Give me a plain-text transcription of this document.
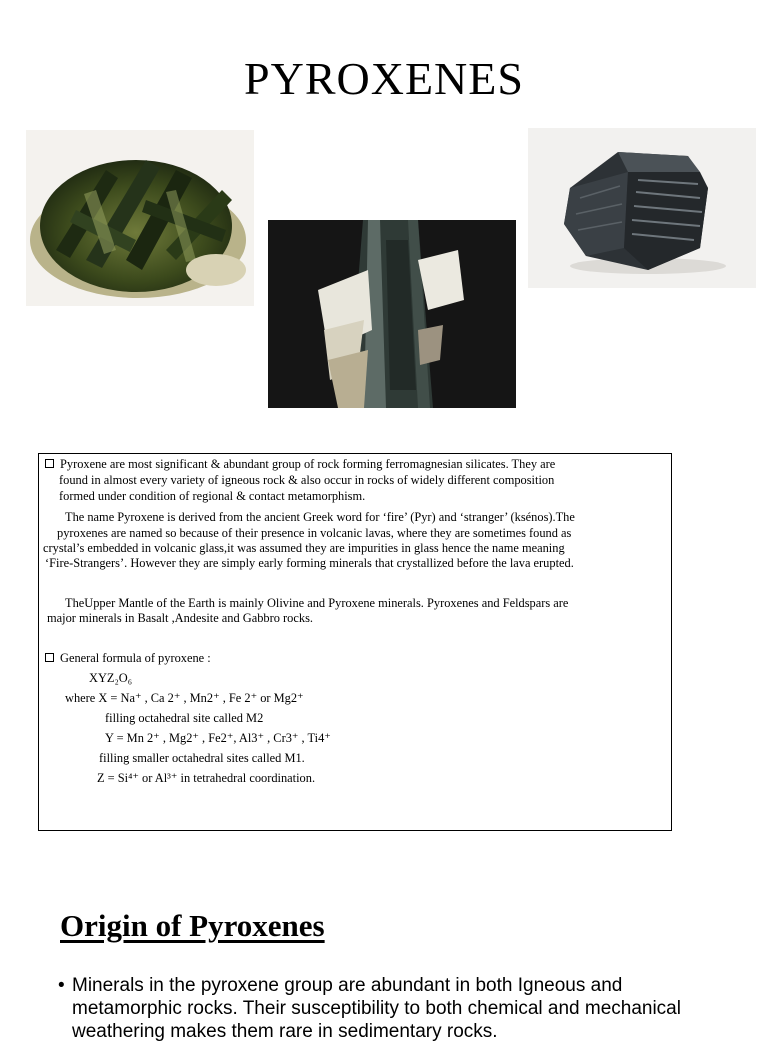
PYROXENES
Pyroxene are most significant & abundant group of rock forming ferromagnesian silicates. They are
found in almost every variety of igneous rock & also occur in rocks of widely different composition
formed under condition of regional & contact metamorphism.
The name Pyroxene is derived from the ancient Greek word for ‘fire’ (Pyr) and ‘stranger’ (ksénos).The
pyroxenes are named so because of their presence in volcanic lavas, where they are sometimes found as
crystal’s embedded in volcanic glass,it was assumed they are impurities in glass hence the name meaning
‘Fire-Strangers’. However they are simply early forming minerals that crystallized before the lava erupted.
TheUpper Mantle of the Earth is mainly Olivine and Pyroxene minerals. Pyroxenes and Feldspars are
major minerals in Basalt ,Andesite and Gabbro rocks.
General formula of pyroxene :
XYZ₂O₆
where X = Na⁺ , Ca 2⁺ , Mn2⁺ , Fe 2⁺ or Mg2⁺
filling octahedral site called M2
Y = Mn 2⁺ , Mg2⁺ , Fe2⁺, Al3⁺ , Cr3⁺ , Ti4⁺
filling smaller octahedral sites called M1.
Z = Si⁴⁺ or Al³⁺ in tetrahedral coordination.
Origin of Pyroxenes
• Minerals in the pyroxene group are abundant in both Igneous and
metamorphic rocks. Their susceptibility to both chemical and mechanical
weathering makes them rare in sedimentary rocks.
